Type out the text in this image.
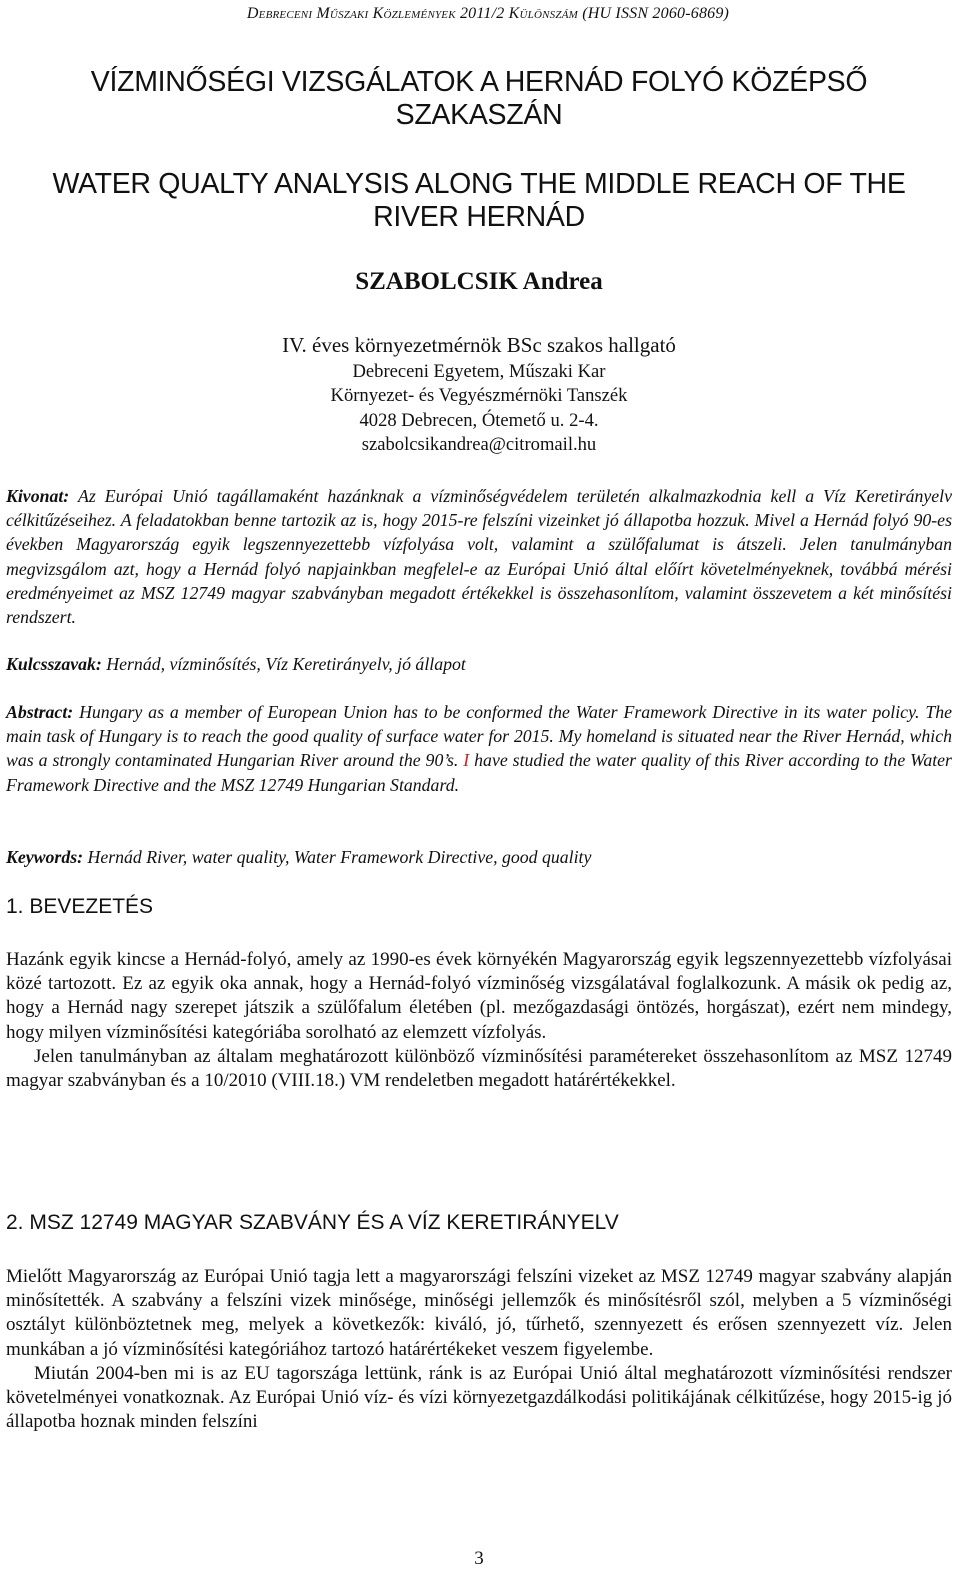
Debreceni Műszaki Közlemények 2011/2 Különszám (HU ISSN 2060-6869)
VÍZMINŐSÉGI VIZSGÁLATOK A HERNÁD FOLYÓ KÖZÉPSŐ
SZAKASZÁN
WATER QUALTY ANALYSIS ALONG THE MIDDLE REACH OF THE
RIVER HERNÁD
SZABOLCSIK Andrea
IV. éves környezetmérnök BSc szakos hallgató
Debreceni Egyetem, Műszaki Kar
Környezet- és Vegyészmérnöki Tanszék
4028 Debrecen, Ótemető u. 2-4.
szabolcsikandrea@citromail.hu
Kivonat: Az Európai Unió tagállamaként hazánknak a vízminőségvédelem területén alkalmazkodnia kell a Víz Keretirányelv célkitűzéseihez. A feladatokban benne tartozik az is, hogy 2015-re felszíni vizeinket jó állapotba hozzuk. Mivel a Hernád folyó 90-es években Magyarország egyik legszennyezettebb vízfolyása volt, valamint a szülőfalumat is átszeli. Jelen tanulmányban megvizsgálom azt, hogy a Hernád folyó napjainkban megfelel-e az Európai Unió által előírt követelményeknek, továbbá mérési eredményeimet az MSZ 12749 magyar szabványban megadott értékekkel is összehasonlítom, valamint összevetem a két minősítési rendszert.
Kulcsszavak: Hernád, vízminősítés, Víz Keretirányelv, jó állapot
Abstract: Hungary as a member of European Union has to be conformed the Water Framework Directive in its water policy. The main task of Hungary is to reach the good quality of surface water for 2015. My homeland is situated near the River Hernád, which was a strongly contaminated Hungarian River around the 90’s. I have studied the water quality of this River according to the Water Framework Directive and the MSZ 12749 Hungarian Standard.
Keywords: Hernád River, water quality, Water Framework Directive, good quality
1. BEVEZETÉS

Hazánk egyik kincse a Hernád-folyó, amely az 1990-es évek környékén Magyarország egyik legszennyezettebb vízfolyásai közé tartozott. Ez az egyik oka annak, hogy a Hernád-folyó vízminőség vizsgálatával foglalkozunk. A másik ok pedig az, hogy a Hernád nagy szerepet játszik a szülőfalum életében (pl. mezőgazdasági öntözés, horgászat), ezért nem mindegy, hogy milyen vízminősítési kategóriába sorolható az elemzett vízfolyás.

Jelen tanulmányban az általam meghatározott különböző vízminősítési paramétereket összehasonlítom az MSZ 12749 magyar szabványban és a 10/2010 (VIII.18.) VM rendeletben megadott határértékekkel.

2. MSZ 12749 MAGYAR SZABVÁNY ÉS A VÍZ KERETIRÁNYELV

Mielőtt Magyarország az Európai Unió tagja lett a magyarországi felszíni vizeket az MSZ 12749 magyar szabvány alapján minősítették. A szabvány a felszíni vizek minősége, minőségi jellemzők és minősítésről szól, melyben a 5 vízminőségi osztályt különböztetnek meg, melyek a következők: kiváló, jó, tűrhető, szennyezett és erősen szennyezett víz. Jelen munkában a jó vízminősítési kategóriához tartozó határértékeket veszem figyelembe.

Miután 2004-ben mi is az EU tagországa lettünk, ránk is az Európai Unió által meghatározott vízminősítési rendszer követelményei vonatkoznak. Az Európai Unió víz- és vízi környezetgazdálkodási politikájának célkitűzése, hogy 2015-ig jó állapotba hoznak minden felszíni

3
